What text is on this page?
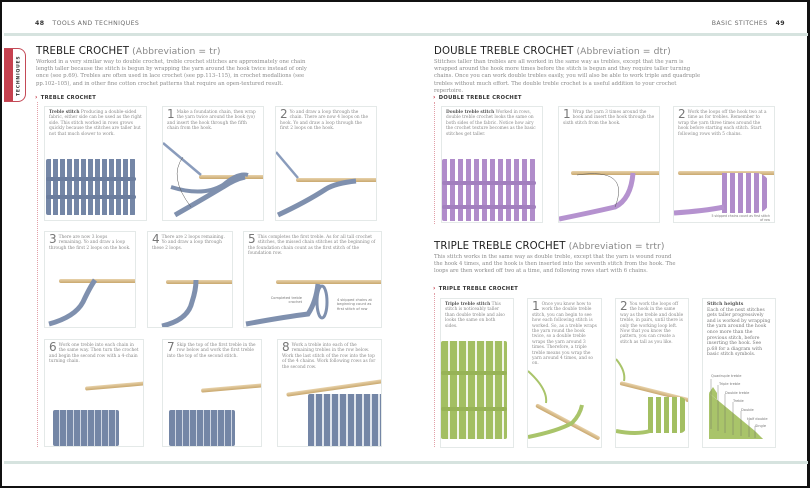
48 TOOLS AND TECHNIQUES	BASIC STITCHES 49
TECHNIQUES
TREBLE CROCHET (Abbreviation = tr)

Worked in a very similar way to double crochet, treble crochet stitches are approximately one chain length taller because the stitch is begun by wrapping the yarn around the hook twice instead of only once (see p.69). Trebles are often used in lace crochet (see pp.113–115), in crochet medallions (see pp.102–105), and in other fine cotton crochet patterns that require an open-textured result.

› TREBLE CROCHET
Treble stitch Producing a double-sided fabric, either side can be used as the right side. This stitch worked in rows grows quickly because the stitches are taller but not that much slower to work.
1 Make a foundation chain, then wrap the yarn twice around the book (yo) and insert the hook through the fifth chain from the hook.
2 Yo and draw a loop through the chain. There are now 4 loops on the hook. Yo and draw a loop through the first 2 loops on the hook.
3 There are now 3 loops remaining. Yo and draw a loop through the first 2 loops on the hook.
4 There are 2 loops remaining. Yo and draw a loop through these 2 loops.
5 This completes the first treble. As for all tall crochet stitches, the missed chain stitches at the beginning of the foundation chain count as the first stitch of the foundation row.
Completed treble crochet
4 skipped chains at beginning count as first stitch of row
6 Work one treble into each chain in the same way. Then turn the crochet and begin the second row with a 4-chain turning chain.
7 Skip the top of the first treble in the row below and work the first treble into the top of the second stitch.
8 Work a treble into each of the remaining trebles in the row below. Work the last stitch of the row into the top of the 4 chains. Work following rows as for the second row.
DOUBLE TREBLE CROCHET (Abbreviation = dtr)

Stitches taller than trebles are all worked in the same way as trebles, except that the yarn is wrapped around the hook more times before the stitch is begun and they require taller turning chains. Once you can work double trebles easily, you will also be able to work triple and quadruple trebles without much effort. The double treble crochet is a useful addition to your crochet repertoire.

› DOUBLE TREBLE CROCHET
Double treble stitch Worked in rows, double treble crochet looks the same on both sides of the fabric. Notice how airy the crochet texture becomes as the basic stitches get taller.
1 Wrap the yarn 3 times around the book and insert the hook through the sixth stitch from the hook.
2 Work the loops off the hook two at a time as for trebles. Remember to wrap the yarn three times around the hook before starting each stitch. Start following rows with 5 chains.
5 skipped chains count as first stitch of row
TRIPLE TREBLE CROCHET (Abbreviation = trtr)

This stitch works in the same way as double treble, except that the yarn is wound round the hook 4 times, and the hook is then inserted into the seventh stitch from the hook. The loops are then worked off two at a time, and following rows start with 6 chains.

› TRIPLE TREBLE CROCHET
Triple treble stitch This stitch is noticeably taller than double treble and also looks the same on both sides.
1 Once you know how to work the double treble stitch, you can begin to see how each following stitch is worked. So, as a treble wraps the yarn round the book twice, so a double treble wraps the yarn around 3 times. Therefore, a triple treble means you wrap the yarn around 4 times, and so on.
2 You work the loops off the hook in the same way as the treble and double treble, in pairs, until there is only the working loop left. Now that you know the pattern, you can create a stitch as tall as you like.
Stitch heights
Each of the next stitches gets taller progressively and is worked by wrapping the yarn around the hook once more than the previous stitch, before inserting the hook. See p.68 for a diagram with basic stitch symbols.
Quadruple treble
Triple treble
Double treble
Treble
Double
Half double
Single
